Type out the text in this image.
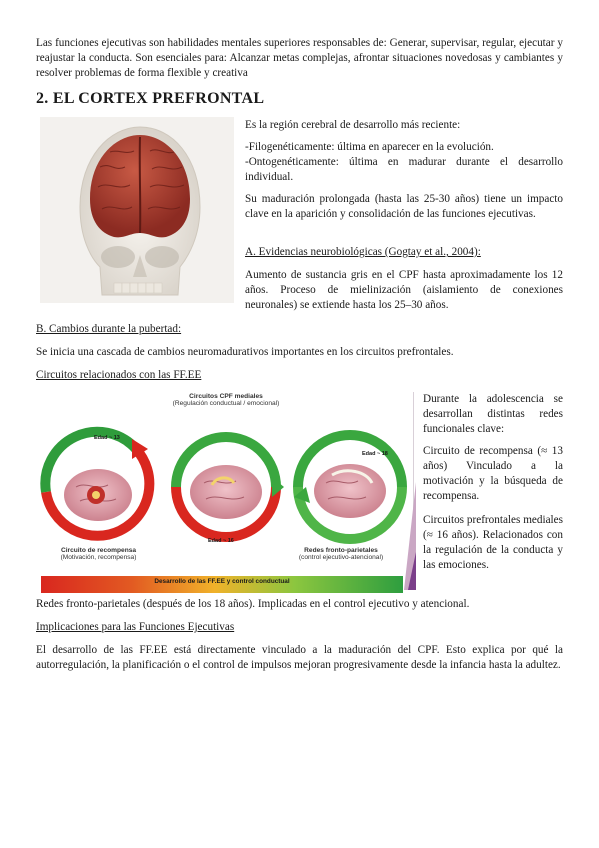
Las funciones ejecutivas son habilidades mentales superiores responsables de: Generar, supervisar, regular, ejecutar y reajustar la conducta. Son esenciales para: Alcanzar metas complejas, afrontar situaciones novedosas y cambiantes y resolver problemas de forma flexible y creativa
2. EL CORTEX PREFRONTAL
Es la región cerebral de desarrollo más reciente:
-Filogenéticamente: última en aparecer en la evolución.
-Ontogenéticamente: última en madurar durante el desarrollo individual.
Su maduración prolongada (hasta las 25-30 años) tiene un impacto clave en la aparición y consolidación de las funciones ejecutivas.
A. Evidencias neurobiológicas (Gogtay et al., 2004):
Aumento de sustancia gris en el CPF hasta aproximadamente los 12 años. Proceso de mielinización (aislamiento de conexiones neuronales) se extiende hasta los 25–30 años.
B. Cambios durante la pubertad:
Se inicia una cascada de cambios neuromadurativos importantes en los circuitos prefrontales.
Circuitos relacionados con las FF.EE
Circuitos CPF mediales
(Regulación conductual / emocional)
Edad ~ 13
Edad ~ 16
Edad ~ 18
Circuito de recompensa
(Motivación, recompensa)
Redes fronto-parietales
(control ejecutivo-atencional)
Desarrollo de las FF.EE y control conductual
Durante la adolescencia se desarrollan distintas redes funcionales clave:
Circuito de recompensa (≈ 13 años) Vinculado a la motivación y la búsqueda de recompensa.
Circuitos prefrontales mediales (≈ 16 años). Relacionados con la regulación de la conducta y las emociones.
Redes fronto-parietales (después de los 18 años). Implicadas en el control ejecutivo y atencional.
Implicaciones para las Funciones Ejecutivas
El desarrollo de las FF.EE está directamente vinculado a la maduración del CPF. Esto explica por qué la autorregulación, la planificación o el control de impulsos mejoran progresivamente desde la infancia hasta la adultez.
